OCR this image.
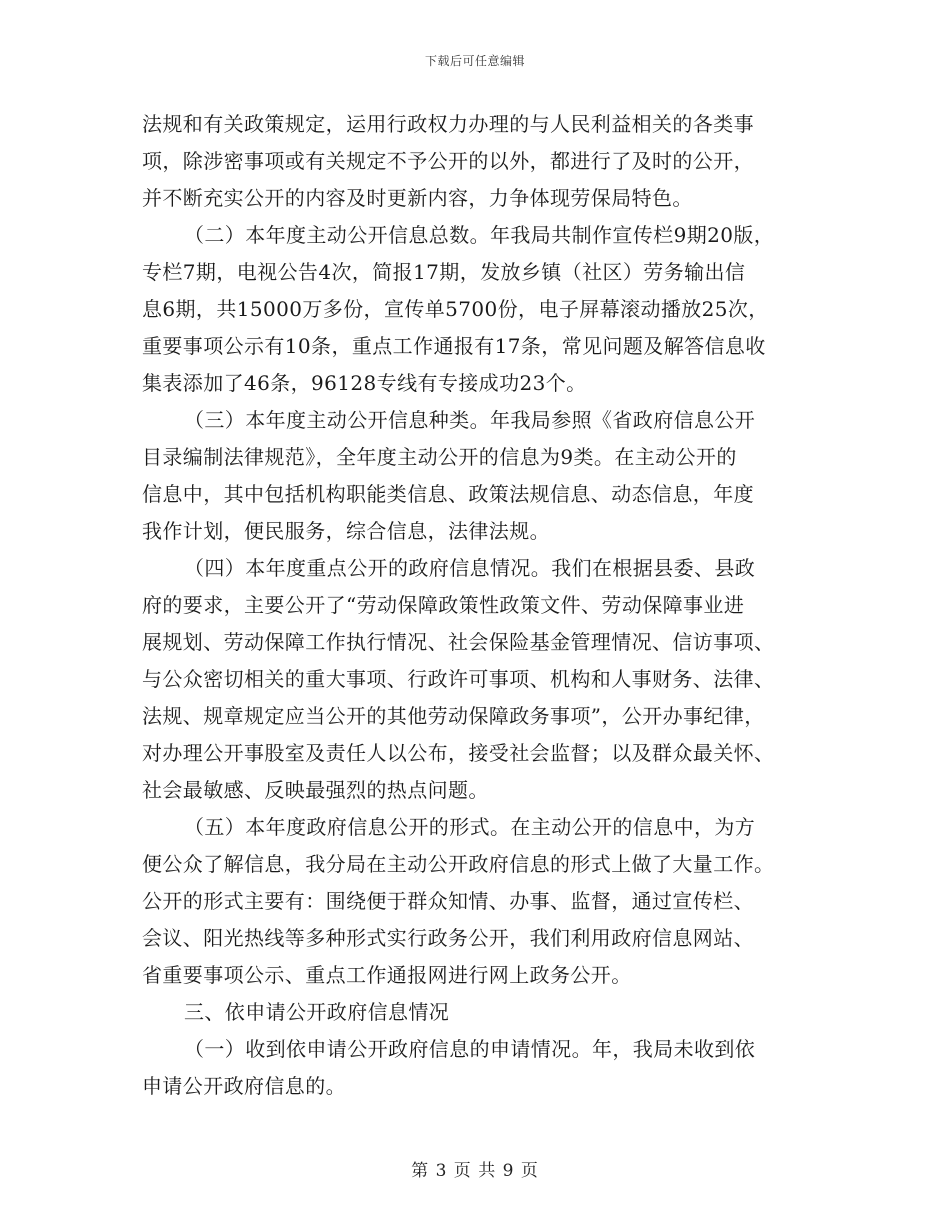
下载后可任意编辑
法规和有关政策规定，运用行政权力办理的与人民利益相关的各类事
项，除涉密事项或有关规定不予公开的以外，都进行了及时的公开，
并不断充实公开的内容及时更新内容，力争体现劳保局特色。
（二）本年度主动公开信息总数。年我局共制作宣传栏9期20版，
专栏7期，电视公告4次，简报17期，发放乡镇（社区）劳务输出信
息6期，共15000万多份，宣传单5700份，电子屏幕滚动播放25次，
重要事项公示有10条，重点工作通报有17条，常见问题及解答信息收
集表添加了46条，96128专线有专接成功23个。
（三）本年度主动公开信息种类。年我局参照《省政府信息公开
目录编制法律规范》，全年度主动公开的信息为9类。在主动公开的
信息中，其中包括机构职能类信息、政策法规信息、动态信息，年度
我作计划，便民服务，综合信息，法律法规。
（四）本年度重点公开的政府信息情况。我们在根据县委、县政
府的要求，主要公开了“劳动保障政策性政策文件、劳动保障事业进
展规划、劳动保障工作执行情况、社会保险基金管理情况、信访事项、
与公众密切相关的重大事项、行政许可事项、机构和人事财务、法律、
法规、规章规定应当公开的其他劳动保障政务事项”，公开办事纪律，
对办理公开事股室及责任人以公布，接受社会监督；以及群众最关怀、
社会最敏感、反映最强烈的热点问题。
（五）本年度政府信息公开的形式。在主动公开的信息中，为方
便公众了解信息，我分局在主动公开政府信息的形式上做了大量工作。
公开的形式主要有：围绕便于群众知情、办事、监督，通过宣传栏、
会议、阳光热线等多种形式实行政务公开，我们利用政府信息网站、
省重要事项公示、重点工作通报网进行网上政务公开。
三、依申请公开政府信息情况
（一）收到依申请公开政府信息的申请情况。年，我局未收到依
申请公开政府信息的。
第 3 页 共 9 页
